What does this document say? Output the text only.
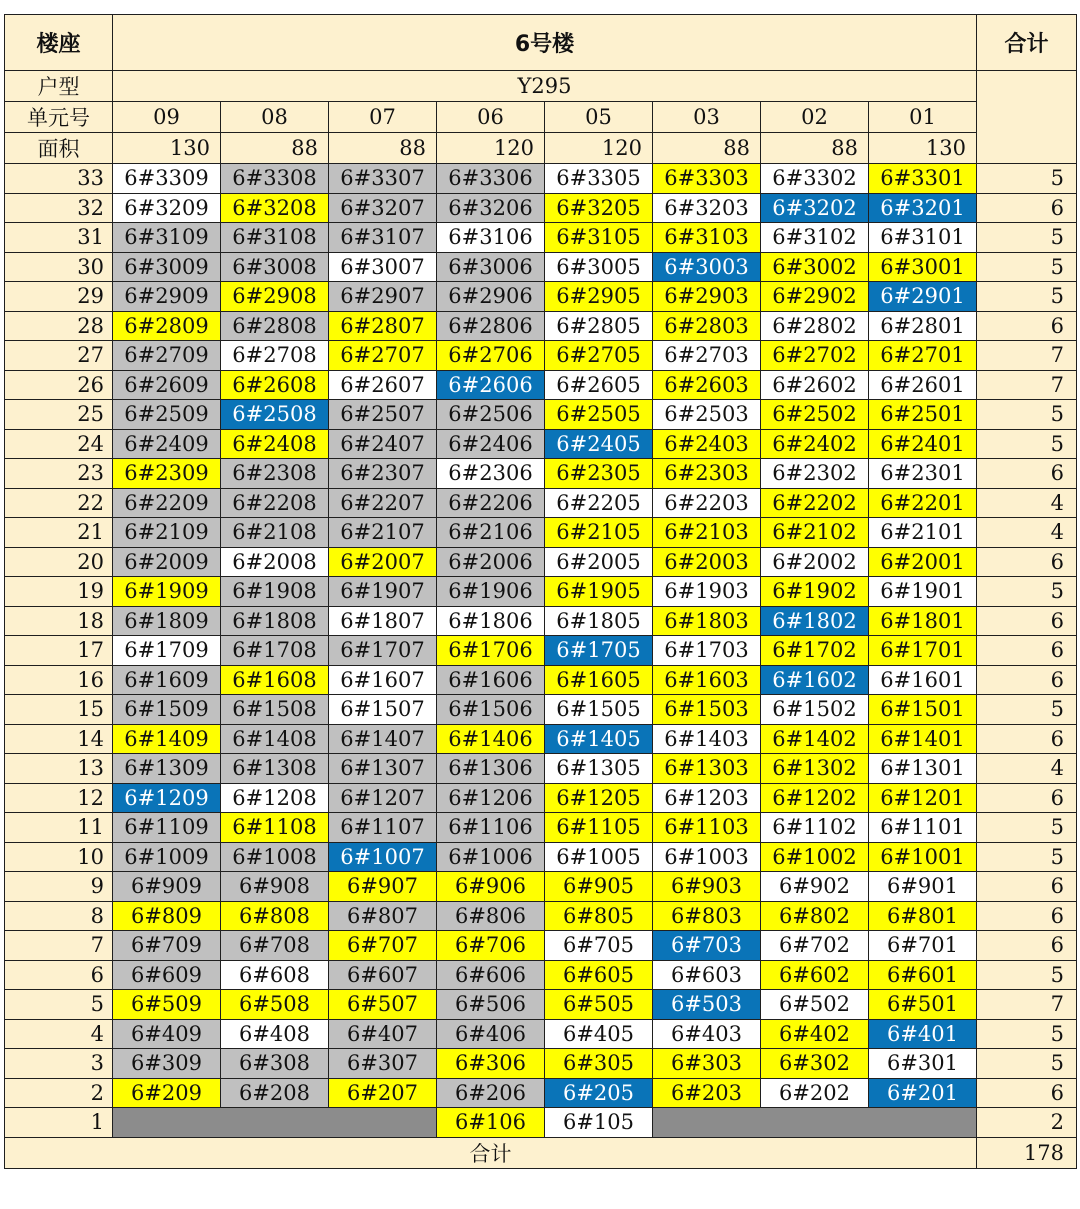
楼座	6号楼								合计
户型	Y295								
单元号	09	08	07	06	05	03	02	01	
面积	130	88	88	120	120	88	88	130	
33	6#3309	6#3308	6#3307	6#3306	6#3305	6#3303	6#3302	6#3301	5
32	6#3209	6#3208	6#3207	6#3206	6#3205	6#3203	6#3202	6#3201	6
31	6#3109	6#3108	6#3107	6#3106	6#3105	6#3103	6#3102	6#3101	5
30	6#3009	6#3008	6#3007	6#3006	6#3005	6#3003	6#3002	6#3001	5
29	6#2909	6#2908	6#2907	6#2906	6#2905	6#2903	6#2902	6#2901	5
28	6#2809	6#2808	6#2807	6#2806	6#2805	6#2803	6#2802	6#2801	6
27	6#2709	6#2708	6#2707	6#2706	6#2705	6#2703	6#2702	6#2701	7
26	6#2609	6#2608	6#2607	6#2606	6#2605	6#2603	6#2602	6#2601	7
25	6#2509	6#2508	6#2507	6#2506	6#2505	6#2503	6#2502	6#2501	5
24	6#2409	6#2408	6#2407	6#2406	6#2405	6#2403	6#2402	6#2401	5
23	6#2309	6#2308	6#2307	6#2306	6#2305	6#2303	6#2302	6#2301	6
22	6#2209	6#2208	6#2207	6#2206	6#2205	6#2203	6#2202	6#2201	4
21	6#2109	6#2108	6#2107	6#2106	6#2105	6#2103	6#2102	6#2101	4
20	6#2009	6#2008	6#2007	6#2006	6#2005	6#2003	6#2002	6#2001	6
19	6#1909	6#1908	6#1907	6#1906	6#1905	6#1903	6#1902	6#1901	5
18	6#1809	6#1808	6#1807	6#1806	6#1805	6#1803	6#1802	6#1801	6
17	6#1709	6#1708	6#1707	6#1706	6#1705	6#1703	6#1702	6#1701	6
16	6#1609	6#1608	6#1607	6#1606	6#1605	6#1603	6#1602	6#1601	6
15	6#1509	6#1508	6#1507	6#1506	6#1505	6#1503	6#1502	6#1501	5
14	6#1409	6#1408	6#1407	6#1406	6#1405	6#1403	6#1402	6#1401	6
13	6#1309	6#1308	6#1307	6#1306	6#1305	6#1303	6#1302	6#1301	4
12	6#1209	6#1208	6#1207	6#1206	6#1205	6#1203	6#1202	6#1201	6
11	6#1109	6#1108	6#1107	6#1106	6#1105	6#1103	6#1102	6#1101	5
10	6#1009	6#1008	6#1007	6#1006	6#1005	6#1003	6#1002	6#1001	5
9	6#909	6#908	6#907	6#906	6#905	6#903	6#902	6#901	6
8	6#809	6#808	6#807	6#806	6#805	6#803	6#802	6#801	6
7	6#709	6#708	6#707	6#706	6#705	6#703	6#702	6#701	6
6	6#609	6#608	6#607	6#606	6#605	6#603	6#602	6#601	5
5	6#509	6#508	6#507	6#506	6#505	6#503	6#502	6#501	7
4	6#409	6#408	6#407	6#406	6#405	6#403	6#402	6#401	5
3	6#309	6#308	6#307	6#306	6#305	6#303	6#302	6#301	5
2	6#209	6#208	6#207	6#206	6#205	6#203	6#202	6#201	6
1				6#106	6#105				2
合计									178
